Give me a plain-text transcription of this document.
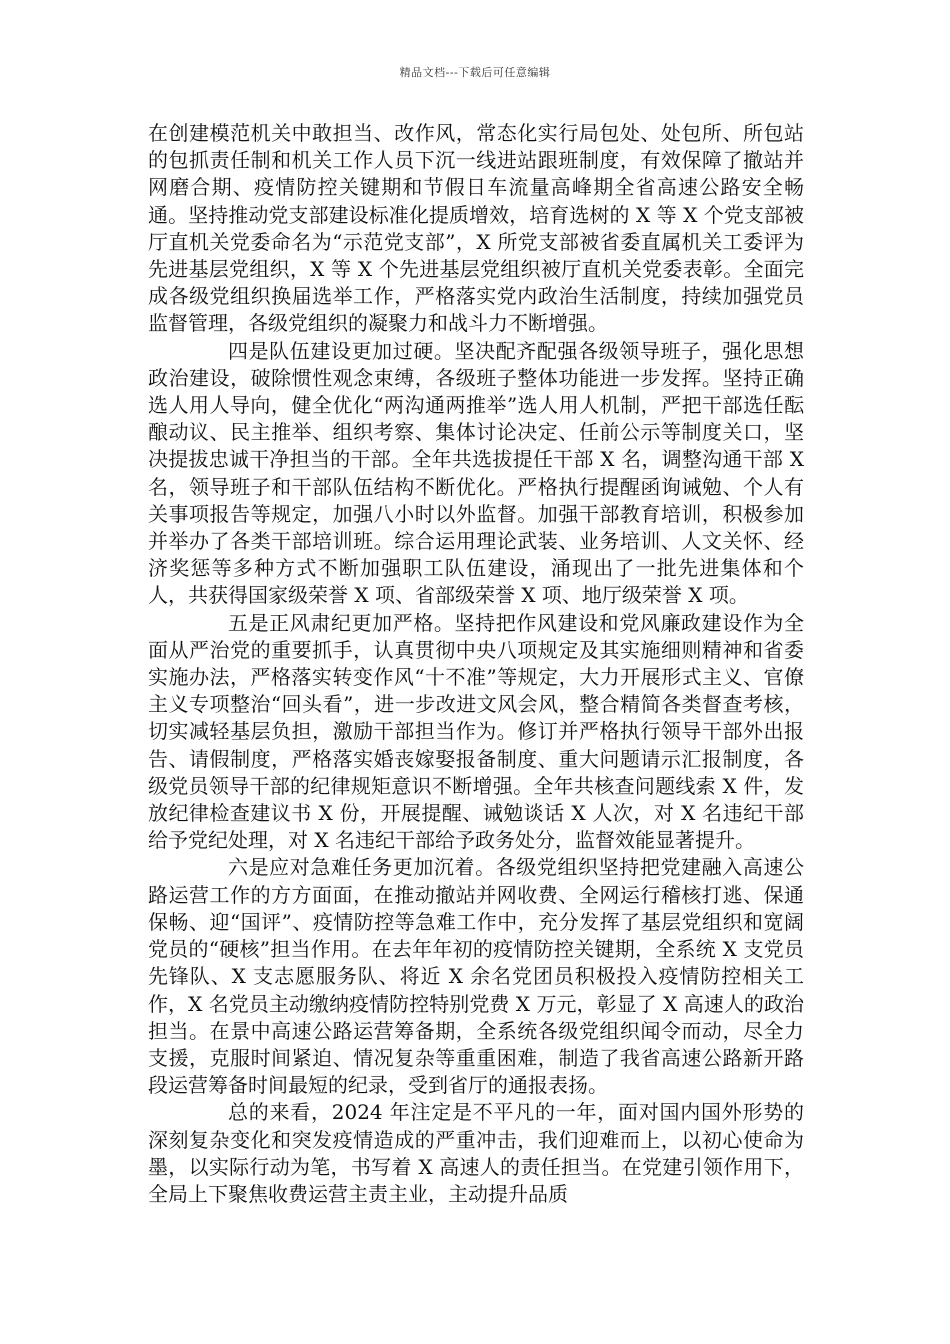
精品文档---下载后可任意编辑

在创建模范机关中敢担当、改作风，常态化实行局包处、处包所、所包站的包抓责任制和机关工作人员下沉一线进站跟班制度，有效保障了撤站并网磨合期、疫情防控关键期和节假日车流量高峰期全省高速公路安全畅通。坚持推动党支部建设标准化提质增效，培育选树的 X 等 X 个党支部被厅直机关党委命名为“示范党支部”，X 所党支部被省委直属机关工委评为先进基层党组织，X 等 X 个先进基层党组织被厅直机关党委表彰。全面完成各级党组织换届选举工作，严格落实党内政治生活制度，持续加强党员监督管理，各级党组织的凝聚力和战斗力不断增强。

四是队伍建设更加过硬。坚决配齐配强各级领导班子，强化思想政治建设，破除惯性观念束缚，各级班子整体功能进一步发挥。坚持正确选人用人导向，健全优化“两沟通两推举”选人用人机制，严把干部选任酝酿动议、民主推举、组织考察、集体讨论决定、任前公示等制度关口，坚决提拔忠诚干净担当的干部。全年共选拔提任干部 X 名，调整沟通干部 X 名，领导班子和干部队伍结构不断优化。严格执行提醒函询诫勉、个人有关事项报告等规定，加强八小时以外监督。加强干部教育培训，积极参加并举办了各类干部培训班。综合运用理论武装、业务培训、人文关怀、经济奖惩等多种方式不断加强职工队伍建设，涌现出了一批先进集体和个人，共获得国家级荣誉 X 项、省部级荣誉 X 项、地厅级荣誉 X 项。

五是正风肃纪更加严格。坚持把作风建设和党风廉政建设作为全面从严治党的重要抓手，认真贯彻中央八项规定及其实施细则精神和省委实施办法，严格落实转变作风“十不准”等规定，大力开展形式主义、官僚主义专项整治“回头看”，进一步改进文风会风，整合精简各类督查考核，切实减轻基层负担，激励干部担当作为。修订并严格执行领导干部外出报告、请假制度，严格落实婚丧嫁娶报备制度、重大问题请示汇报制度，各级党员领导干部的纪律规矩意识不断增强。全年共核查问题线索 X 件，发放纪律检查建议书 X 份，开展提醒、诫勉谈话 X 人次，对 X 名违纪干部给予党纪处理，对 X 名违纪干部给予政务处分，监督效能显著提升。

六是应对急难任务更加沉着。各级党组织坚持把党建融入高速公路运营工作的方方面面，在推动撤站并网收费、全网运行稽核打逃、保通保畅、迎“国评”、疫情防控等急难工作中，充分发挥了基层党组织和宽阔党员的“硬核”担当作用。在去年年初的疫情防控关键期，全系统 X 支党员先锋队、X 支志愿服务队、将近 X 余名党团员积极投入疫情防控相关工作，X 名党员主动缴纳疫情防控特别党费 X 万元，彰显了 X 高速人的政治担当。在景中高速公路运营筹备期，全系统各级党组织闻令而动，尽全力支援，克服时间紧迫、情况复杂等重重困难，制造了我省高速公路新开路段运营筹备时间最短的纪录，受到省厅的通报表扬。

总的来看，2024 年注定是不平凡的一年，面对国内国外形势的深刻复杂变化和突发疫情造成的严重冲击，我们迎难而上，以初心使命为墨，以实际行动为笔，书写着 X 高速人的责任担当。在党建引领作用下，全局上下聚焦收费运营主责主业，主动提升品质
